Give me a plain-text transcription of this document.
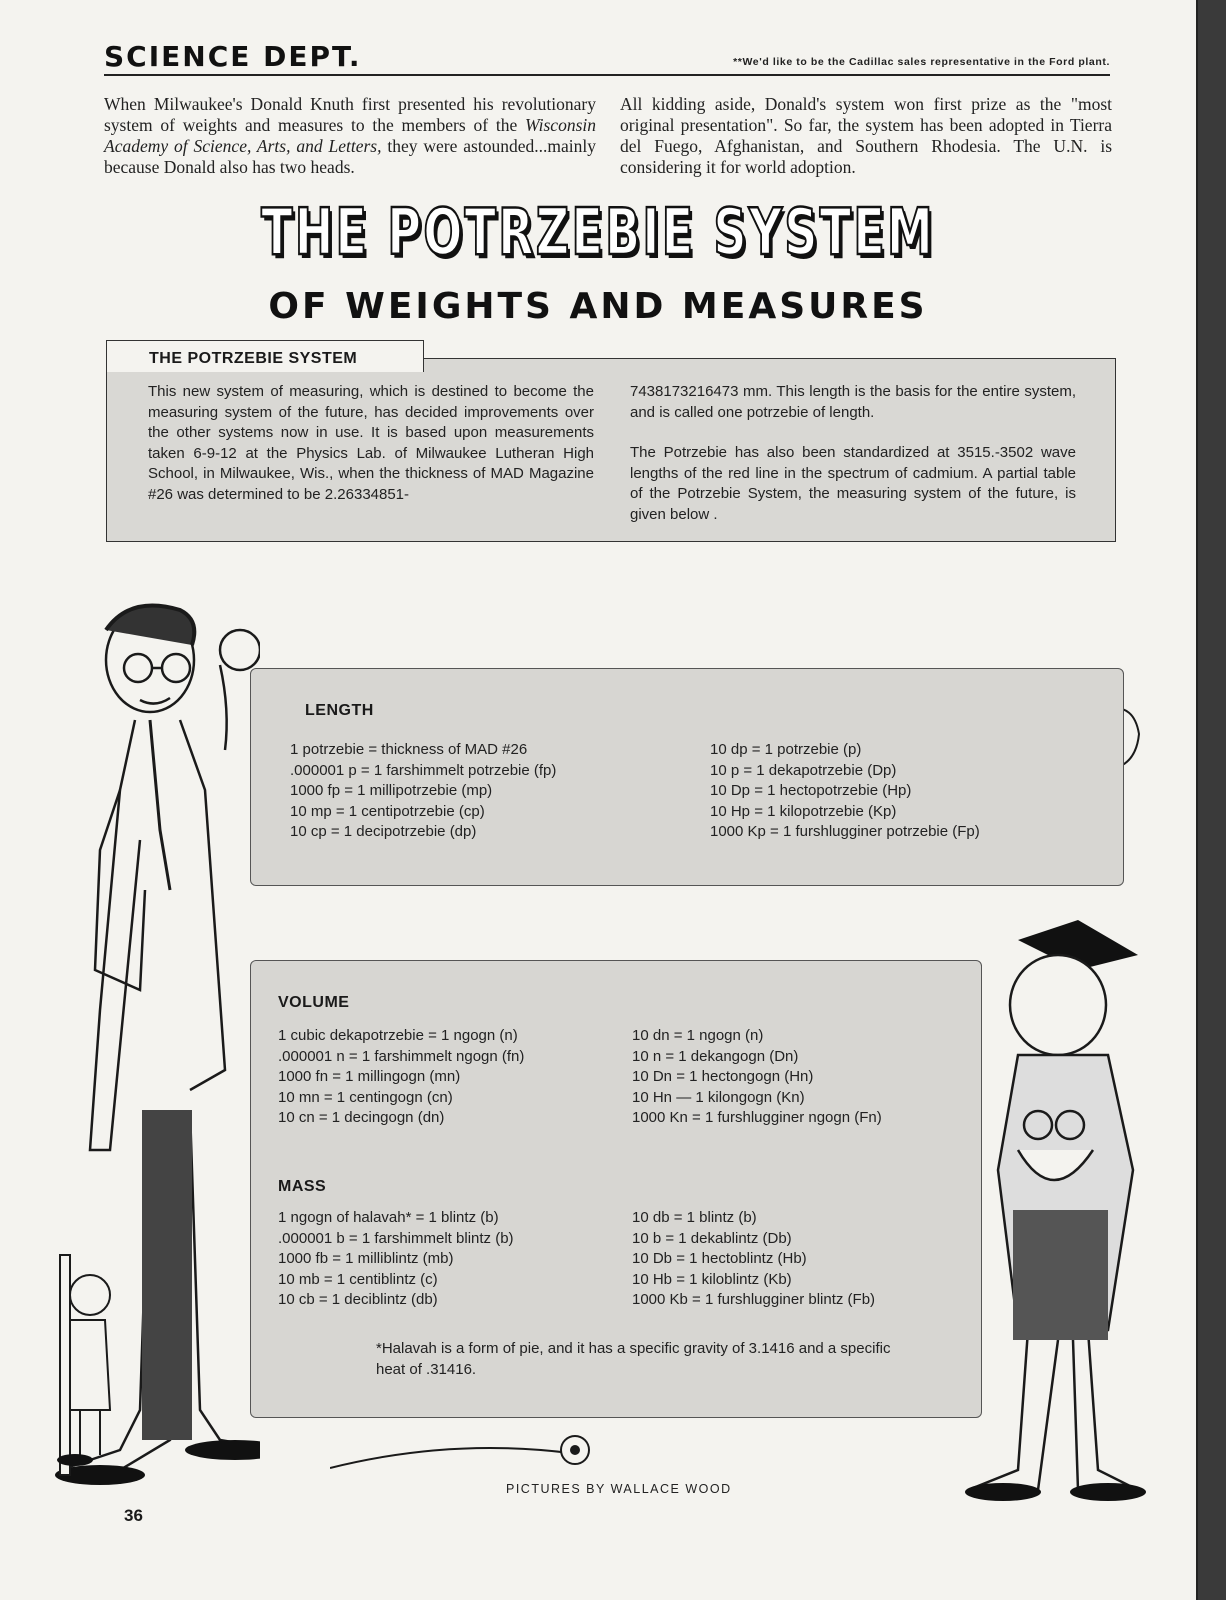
SCIENCE DEPT.	**We'd like to be the Cadillac sales representative in the Ford plant.
When Milwaukee's Donald Knuth first presented his revolutionary system of weights and measures to the members of the Wisconsin Academy of Science, Arts, and Letters, they were astounded...mainly because Donald also has two heads.
All kidding aside, Donald's system won first prize as the "most original presentation". So far, the system has been adopted in Tierra del Fuego, Afghanistan, and Southern Rhodesia. The U.N. is considering it for world adoption.
THE POTRZEBIE SYSTEM
OF WEIGHTS AND MEASURES
THE POTRZEBIE SYSTEM
This new system of measuring, which is destined to become the measuring system of the future, has decided improvements over the other systems now in use. It is based upon measurements taken 6-9-12 at the Physics Lab. of Milwaukee Lutheran High School, in Milwaukee, Wis., when the thickness of MAD Magazine #26 was determined to be 2.26334851-
7438173216473 mm. This length is the basis for the entire system, and is called one potrzebie of length.
The Potrzebie has also been standardized at 3515.-3502 wave lengths of the red line in the spectrum of cadmium. A partial table of the Potrzebie System, the measuring system of the future, is given below .
LENGTH
1 potrzebie = thickness of MAD #26
.000001 p = 1 farshimmelt potrzebie (fp)
1000 fp = 1 millipotrzebie (mp)
10 mp = 1 centipotrzebie (cp)
10 cp = 1 decipotrzebie (dp)
10 dp = 1 potrzebie (p)
10 p = 1 dekapotrzebie (Dp)
10 Dp = 1 hectopotrzebie (Hp)
10 Hp = 1 kilopotrzebie (Kp)
1000 Kp = 1 furshlugginer potrzebie (Fp)
VOLUME
1 cubic dekapotrzebie = 1 ngogn (n)
.000001 n = 1 farshimmelt ngogn (fn)
1000 fn = 1 millingogn (mn)
10 mn = 1 centingogn (cn)
10 cn = 1 decingogn (dn)
10 dn = 1 ngogn (n)
10 n = 1 dekangogn (Dn)
10 Dn = 1 hectongogn (Hn)
10 Hn — 1 kilongogn (Kn)
1000 Kn = 1 furshlugginer ngogn (Fn)
MASS
1 ngogn of halavah* = 1 blintz (b)
.000001 b = 1 farshimmelt blintz (b)
1000 fb = 1 milliblintz (mb)
10 mb = 1 centiblintz (c)
10 cb = 1 deciblintz (db)
10 db = 1 blintz (b)
10 b = 1 dekablintz (Db)
10 Db = 1 hectoblintz (Hb)
10 Hb = 1 kiloblintz (Kb)
1000 Kb = 1 furshlugginer blintz (Fb)
*Halavah is a form of pie, and it has a specific gravity of 3.1416 and a specific heat of .31416.
PICTURES BY WALLACE WOOD
36
